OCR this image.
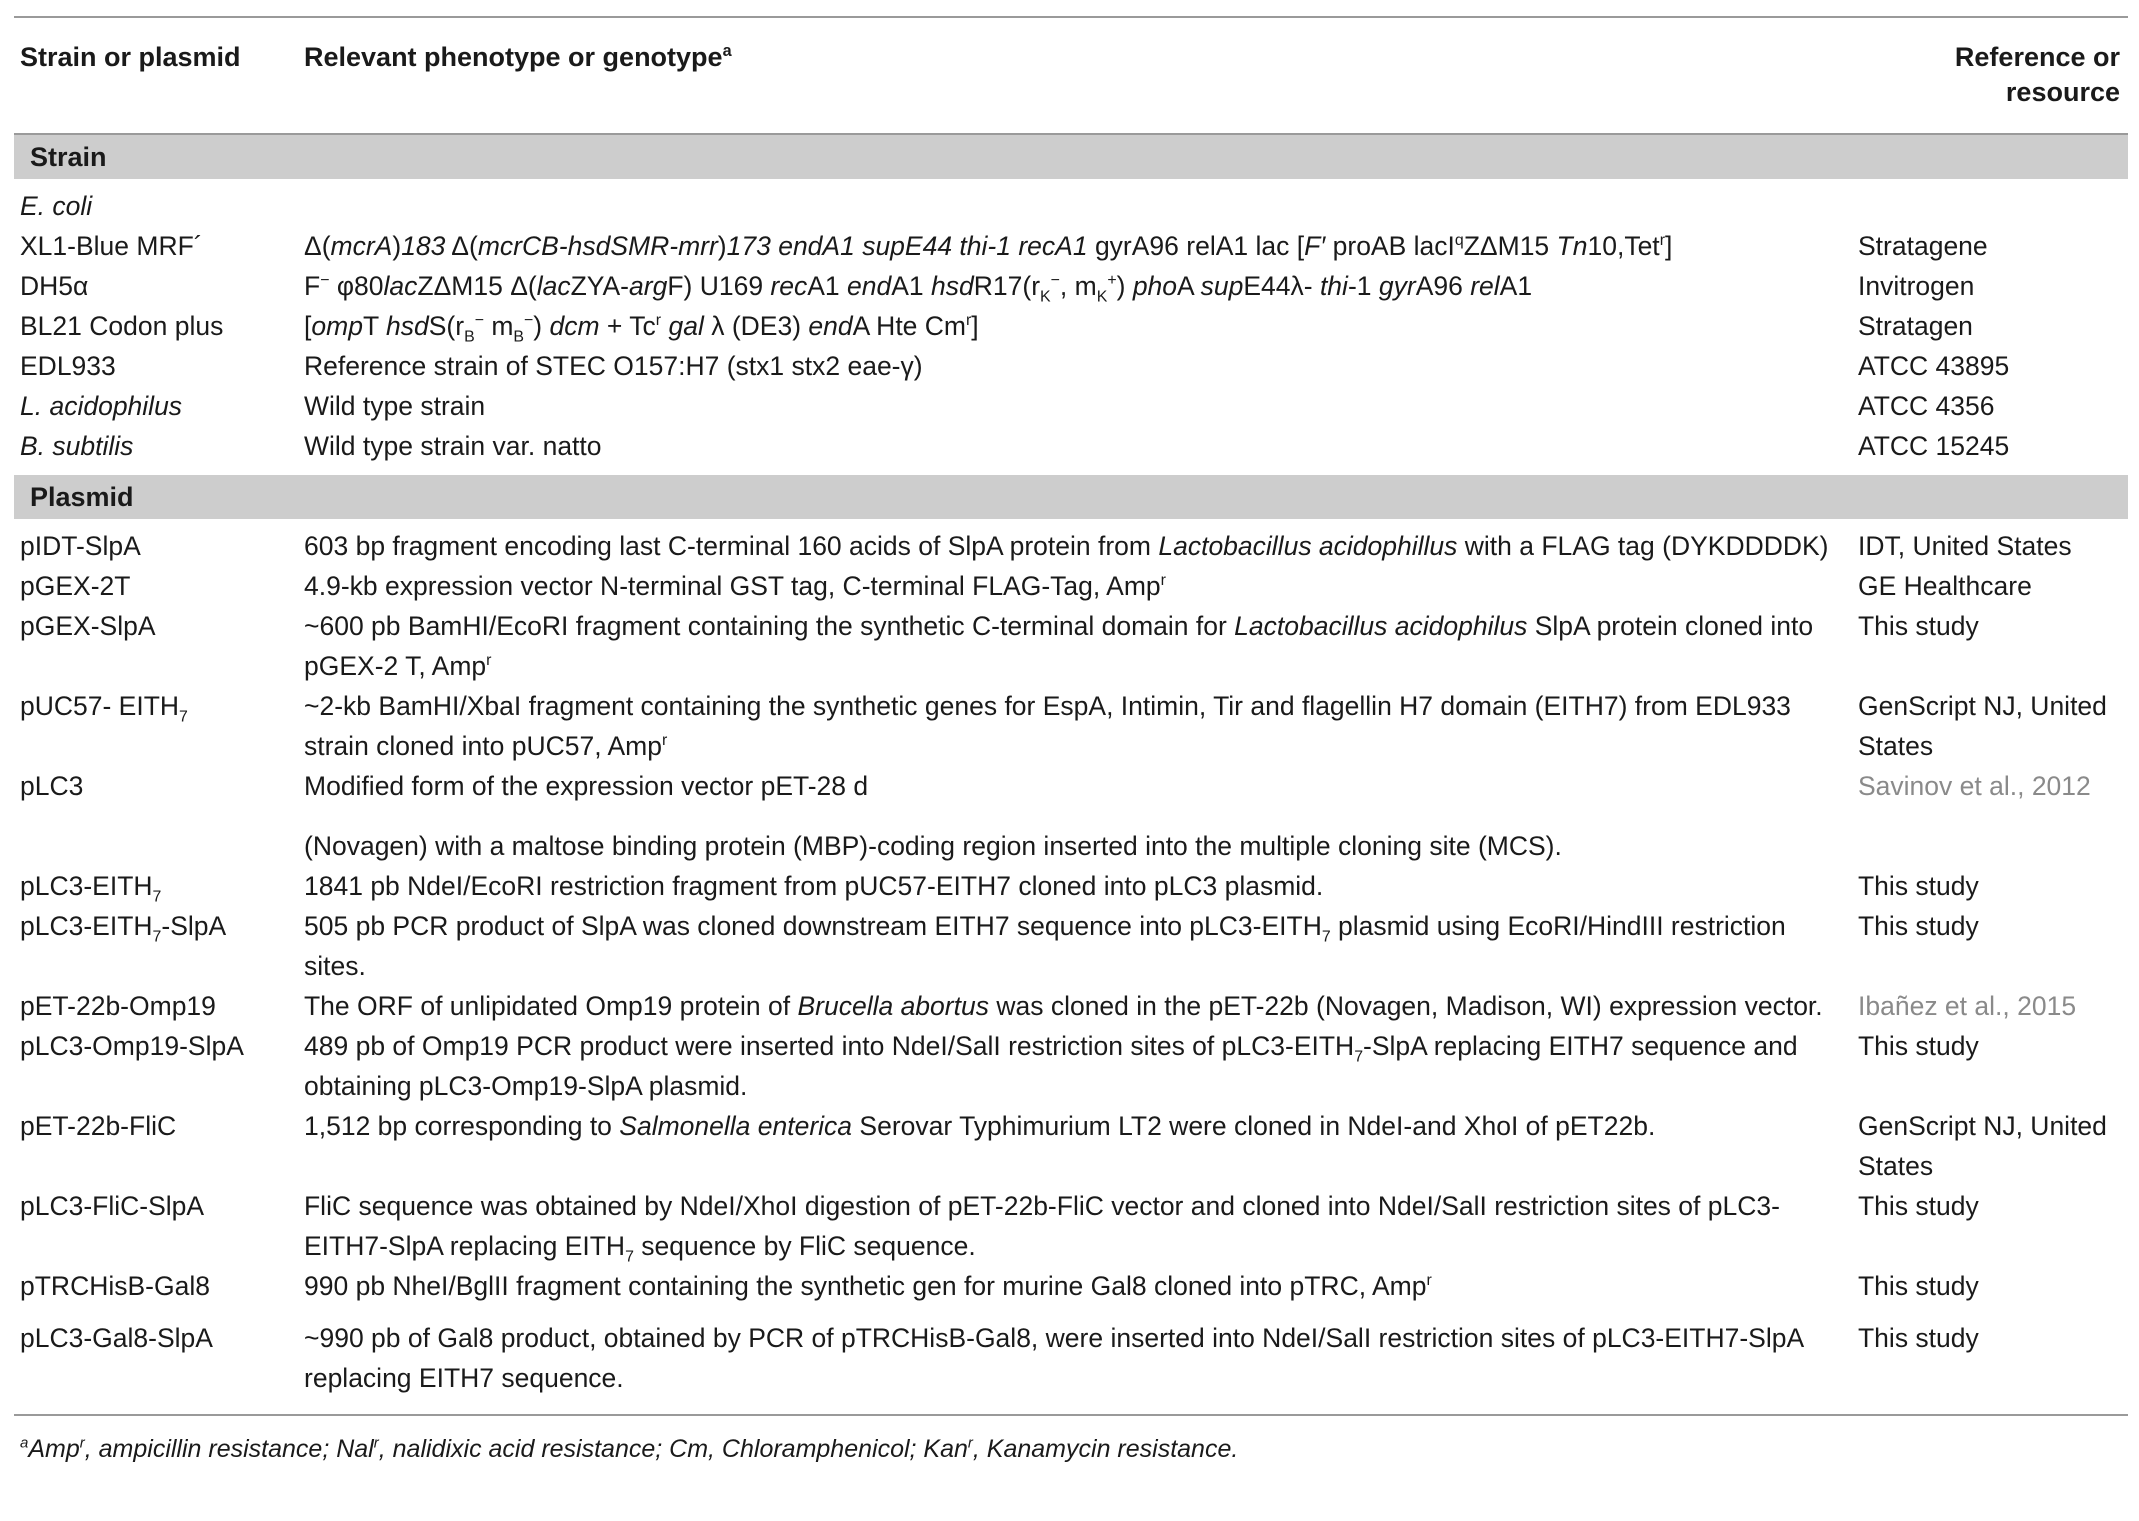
Strain or plasmid	Relevant phenotype or genotype$^a$	Reference or resource
Strain		
E. coli		
XL1-Blue MRF´	Δ(mcrA)183 Δ(mcrCB-hsdSMR-mrr)173 endA1 supE44 thi-1 recA1 gyrA96 relA1 lac [F′ proAB lacI$^q$ZΔM15 Tn10,Tet$^r$]	Stratagene
DH5α	F− φ80lacZΔM15 Δ(lacZYA-argF) U169 recA1 endA1 $hsdR17(r_K^-$, $m_K^+$) phoA supE44λ- thi-1 gyrA96 relA1	Invitrogen
BL21 Codon plus	[ompT $hsdS(r_B^-$ $m_B^-$) dcm + $Tc^r$ gal λ (DE3) endA Hte Cm$^r$]	Stratagen
EDL933	Reference strain of STEC O157:H7 (stx1 stx2 eae-γ)	ATCC 43895
L. acidophilus	Wild type strain	ATCC 4356
B. subtilis	Wild type strain var. natto	ATCC 15245
Plasmid		
pIDT-SlpA	603 bp fragment encoding last C-terminal 160 acids of SlpA protein from Lactobacillus acidophillus with a FLAG tag (DYKDDDDK)	IDT, United States
pGEX-2T	4.9-kb expression vector N-terminal GST tag, C-terminal FLAG-Tag, Amp$^r$	GE Healthcare
pGEX-SlpA	~600 pb BamHI/EcoRI fragment containing the synthetic C-terminal domain for Lactobacillus acidophilus SlpA protein cloned into pGEX-2 T, Amp$^r$	This study
pUC57- $EITH_7$	~2-kb BamHI/XbaI fragment containing the synthetic genes for EspA, Intimin, Tir and flagellin H7 domain (EITH7) from EDL933 strain cloned into pUC57, Amp$^r$	GenScript NJ, United States
pLC3	Modified form of the expression vector pET-28 d	Savinov et al., 2012
	(Novagen) with a maltose binding protein (MBP)-coding region inserted into the multiple cloning site (MCS).	
$pLC3-EITH_7$	1841 pb NdeI/EcoRI restriction fragment from pUC57-EITH7 cloned into pLC3 plasmid.	This study
$pLC3-EITH_7$-SlpA	505 pb PCR product of SlpA was cloned downstream EITH7 sequence into $pLC3-EITH_7$ plasmid using EcoRI/HindIII restriction sites.	This study
pET-22b-Omp19	The ORF of unlipidated Omp19 protein of Brucella abortus was cloned in the pET-22b (Novagen, Madison, WI) expression vector.	Ibañez et al., 2015
pLC3-Omp19-SlpA	489 pb of Omp19 PCR product were inserted into NdeI/SalI restriction sites of $pLC3-EITH_7$-SlpA replacing EITH7 sequence and obtaining pLC3-Omp19-SlpA plasmid.	This study
pET-22b-FliC	1,512 bp corresponding to Salmonella enterica Serovar Typhimurium LT2 were cloned in NdeI-and XhoI of pET22b.	GenScript NJ, United States
pLC3-FliC-SlpA	FliC sequence was obtained by NdeI/XhoI digestion of pET-22b-FliC vector and cloned into NdeI/SalI restriction sites of pLC3-EITH7-SlpA replacing $EITH_7$ sequence by FliC sequence.	This study
pTRCHisB-Gal8	990 pb NheI/BglII fragment containing the synthetic gen for murine Gal8 cloned into pTRC, Amp$^r$	This study
pLC3-Gal8-SlpA	~990 pb of Gal8 product, obtained by PCR of pTRCHisB-Gal8, were inserted into NdeI/SalI restriction sites of pLC3-EITH7-SlpA replacing EITH7 sequence.	This study
$^a$Amp$^r$, ampicillin resistance; Nal$^r$, nalidixic acid resistance; Cm, Chloramphenicol; Kan$^r$, Kanamycin resistance.
